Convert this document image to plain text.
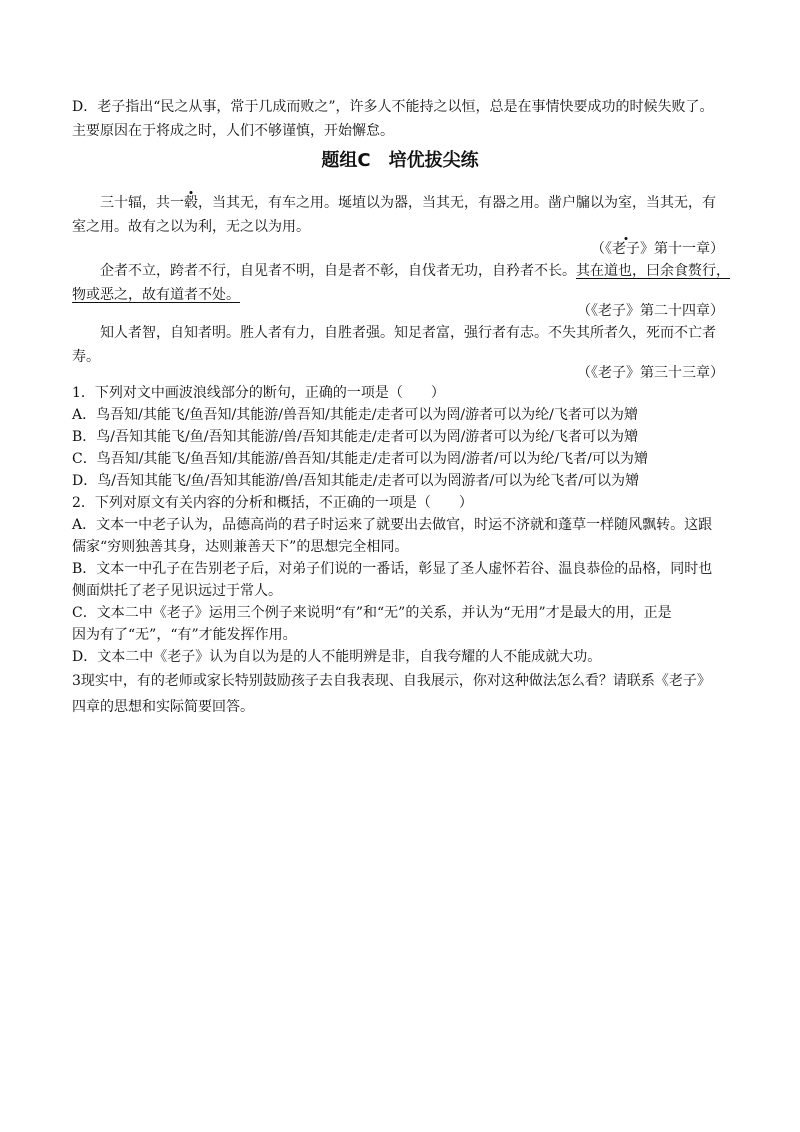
D．老子指出“民之从事，常于几成而败之”，许多人不能持之以恒，总是在事情快要成功的时候失败了。
主要原因在于将成之时，人们不够谨慎，开始懈怠。
题组C　培优拔尖练
三十辐，共一毂，当其无，有车之用。埏埴以为器，当其无，有器之用。凿户牖以为室，当其无，有
室之用。故有之以为利，无之以为用。
（《老子》第十一章）
企者不立，跨者不行，自见者不明，自是者不彰，自伐者无功，自矜者不长。其在道也，曰余食赘行，
物或恶之，故有道者不处。
（《老子》第二十四章）
知人者智，自知者明。胜人者有力，自胜者强。知足者富，强行者有志。不失其所者久，死而不亡者
寿。
（《老子》第三十三章）
1．下列对文中画波浪线部分的断句，正确的一项是（　　）
A．鸟吾知/其能飞/鱼吾知/其能游/兽吾知/其能走/走者可以为罔/游者可以为纶/飞者可以为矰
B．鸟/吾知其能飞/鱼/吾知其能游/兽/吾知其能走/走者可以为罔/游者可以为纶/飞者可以为矰
C．鸟吾知/其能飞/鱼吾知/其能游/兽吾知/其能走/走者可以为罔/游者/可以为纶/飞者/可以为矰
D．鸟/吾知其能飞/鱼/吾知其能游/兽/吾知其能走/走者可以为罔游者/可以为纶飞者/可以为矰
2．下列对原文有关内容的分析和概括，不正确的一项是（　　）
A．文本一中老子认为，品德高尚的君子时运来了就要出去做官，时运不济就和蓬草一样随风飘转。这跟
儒家“穷则独善其身，达则兼善天下”的思想完全相同。
B．文本一中孔子在告别老子后，对弟子们说的一番话，彰显了圣人虚怀若谷、温良恭俭的品格，同时也
侧面烘托了老子见识远过于常人。
C．文本二中《老子》运用三个例子来说明“有”和“无”的关系，并认为“无用”才是最大的用，正是
因为有了“无”，“有”才能发挥作用。
D．文本二中《老子》认为自以为是的人不能明辨是非，自我夸耀的人不能成就大功。
3现实中，有的老师或家长特别鼓励孩子去自我表现、自我展示，你对这种做法怎么看？请联系《老子》
四章的思想和实际简要回答。
